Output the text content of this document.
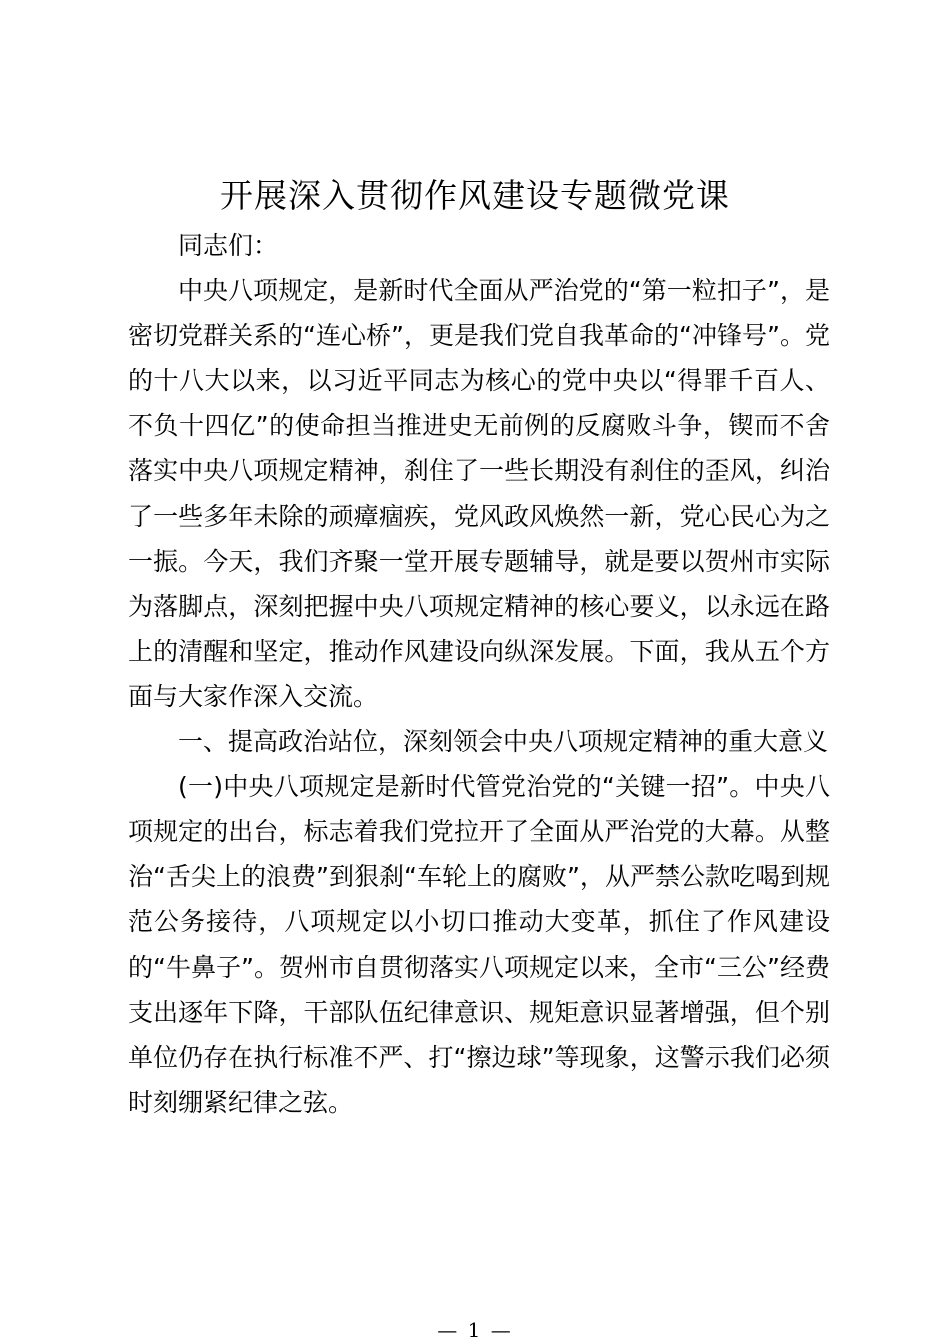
开展深入贯彻作风建设专题微党课

同志们：

中央八项规定，是新时代全面从严治党的“第一粒扣子”，是密切党群关系的“连心桥”，更是我们党自我革命的“冲锋号”。党的十八大以来，以习近平同志为核心的党中央以“得罪千百人、不负十四亿”的使命担当推进史无前例的反腐败斗争，锲而不舍落实中央八项规定精神，刹住了一些长期没有刹住的歪风，纠治了一些多年未除的顽瘴痼疾，党风政风焕然一新，党心民心为之一振。今天，我们齐聚一堂开展专题辅导，就是要以贺州市实际为落脚点，深刻把握中央八项规定精神的核心要义，以永远在路上的清醒和坚定，推动作风建设向纵深发展。下面，我从五个方面与大家作深入交流。

一、提高政治站位，深刻领会中央八项规定精神的重大意义

(一)中央八项规定是新时代管党治党的“关键一招”。中央八项规定的出台，标志着我们党拉开了全面从严治党的大幕。从整治“舌尖上的浪费”到狠刹“车轮上的腐败”，从严禁公款吃喝到规范公务接待，八项规定以小切口推动大变革，抓住了作风建设的“牛鼻子”。贺州市自贯彻落实八项规定以来，全市“三公”经费支出逐年下降，干部队伍纪律意识、规矩意识显著增强，但个别单位仍存在执行标准不严、打“擦边球”等现象，这警示我们必须时刻绷紧纪律之弦。

— 1 —
